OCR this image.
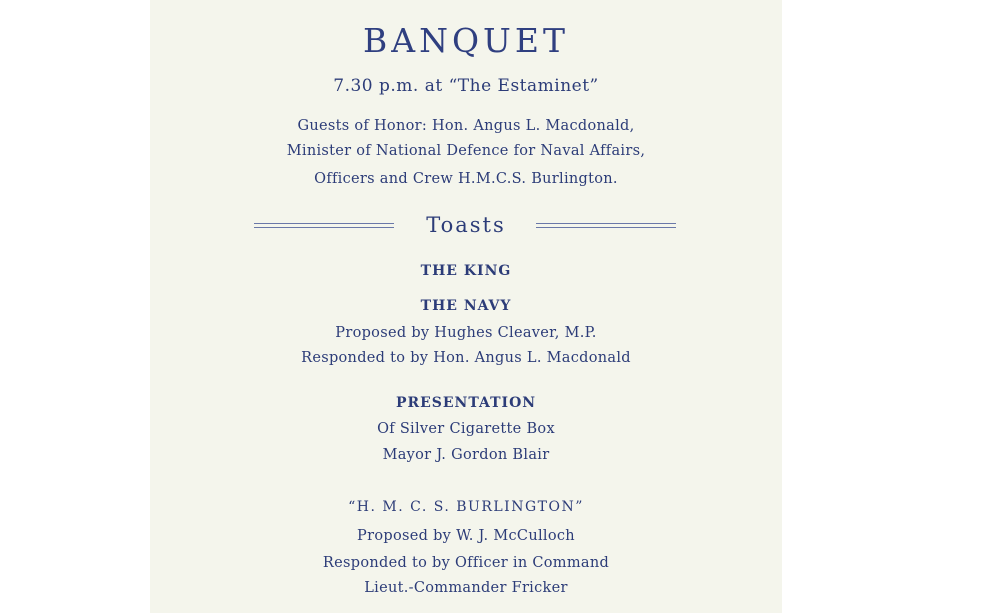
BANQUET

7.30 p.m. at “The Estaminet”

Guests of Honor: Hon. Angus L. Macdonald,

Minister of National Defence for Naval Affairs,

Officers and Crew H.M.C.S. Burlington.

Toasts

THE KING

THE NAVY

Proposed by Hughes Cleaver, M.P.

Responded to by Hon. Angus L. Macdonald

PRESENTATION

Of Silver Cigarette Box

Mayor J. Gordon Blair

“H. M. C. S. BURLINGTON”

Proposed by W. J. McCulloch

Responded to by Officer in Command

Lieut.-Commander Fricker
